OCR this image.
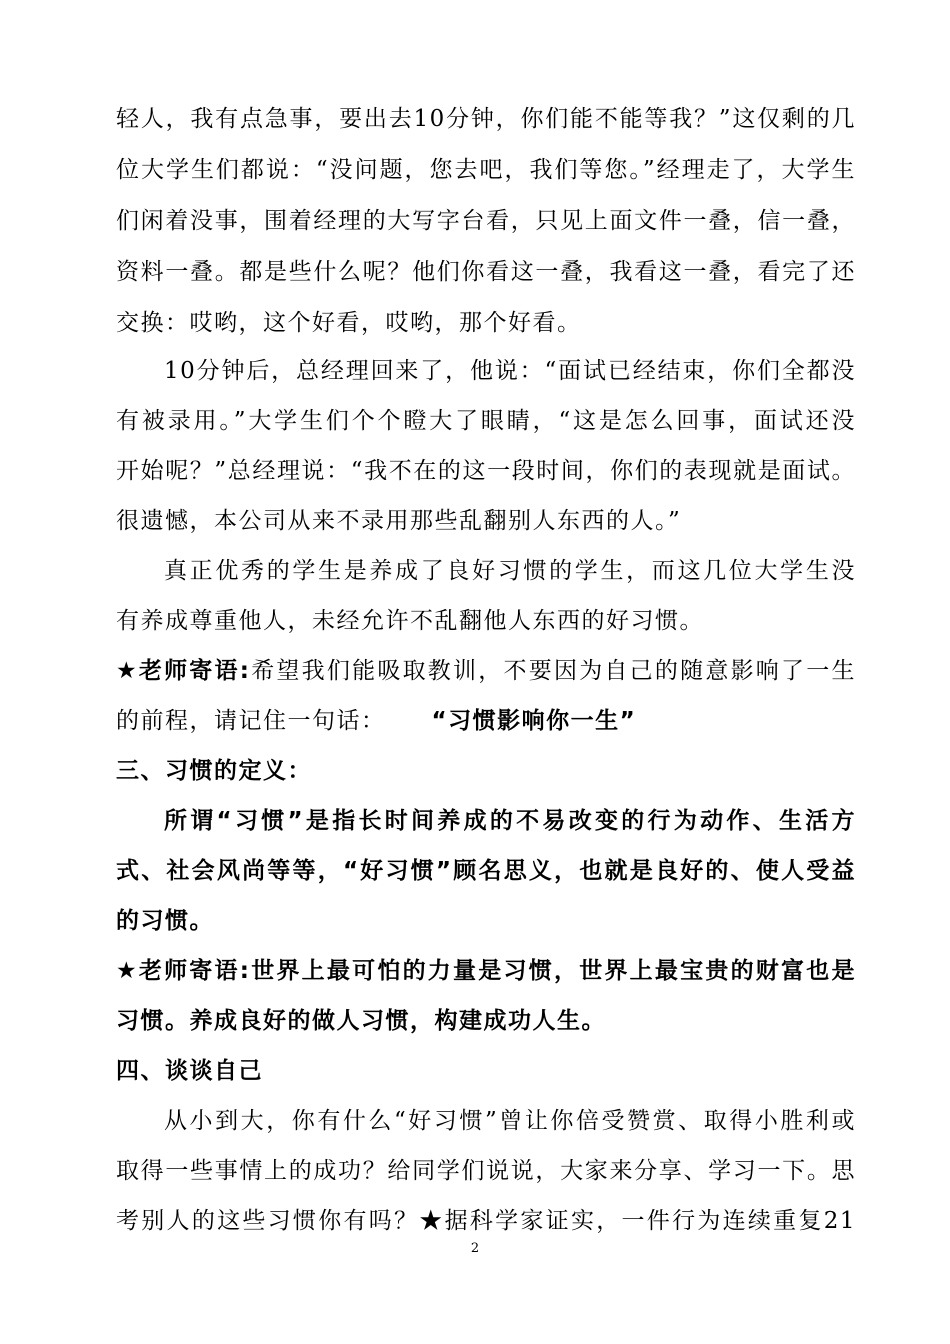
轻人，我有点急事，要出去10分钟，你们能不能等我？”这仅剩的几
位大学生们都说：“没问题，您去吧，我们等您。”经理走了，大学生
们闲着没事，围着经理的大写字台看，只见上面文件一叠，信一叠，
资料一叠。都是些什么呢？他们你看这一叠，我看这一叠，看完了还
交换：哎哟，这个好看，哎哟，那个好看。
10分钟后，总经理回来了，他说：“面试已经结束，你们全都没
有被录用。”大学生们个个瞪大了眼睛，“这是怎么回事，面试还没
开始呢？”总经理说：“我不在的这一段时间，你们的表现就是面试。
很遗憾，本公司从来不录用那些乱翻别人东西的人。”
真正优秀的学生是养成了良好习惯的学生，而这几位大学生没
有养成尊重他人，未经允许不乱翻他人东西的好习惯。
★老师寄语:希望我们能吸取教训，不要因为自己的随意影响了一生
的前程，请记住一句话： “习惯影响你一生”
三、习惯的定义：
所谓“习惯”是指长时间养成的不易改变的行为动作、生活方
式、社会风尚等等，“好习惯”顾名思义，也就是良好的、使人受益
的习惯。
★老师寄语:世界上最可怕的力量是习惯，世界上最宝贵的财富也是
习惯。养成良好的做人习惯，构建成功人生。
四、谈谈自己
从小到大，你有什么“好习惯”曾让你倍受赞赏、取得小胜利或
取得一些事情上的成功？给同学们说说，大家来分享、学习一下。思
考别人的这些习惯你有吗？★据科学家证实，一件行为连续重复21
2
